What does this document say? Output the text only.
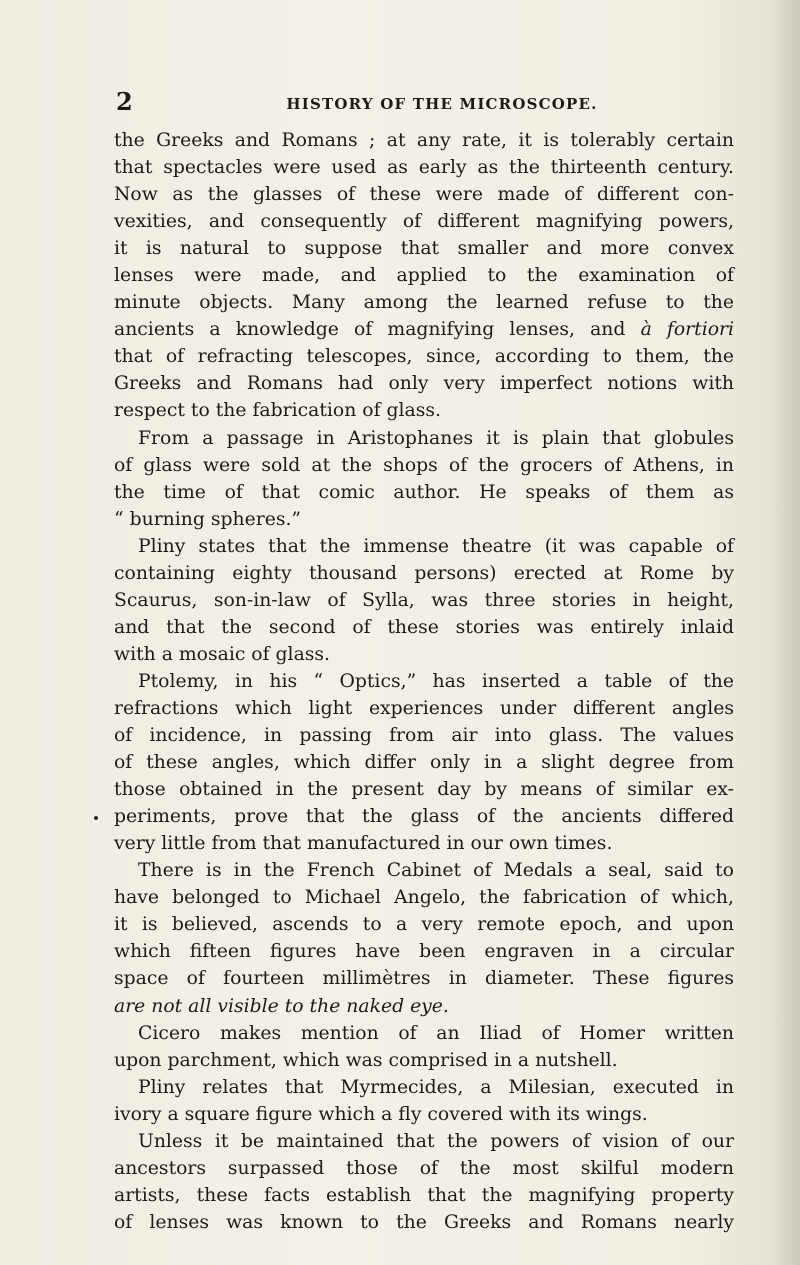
2	HISTORY OF THE MICROSCOPE.
the Greeks and Romans ; at any rate, it is tolerably certain
that spectacles were used as early as the thirteenth century.
Now as the glasses of these were made of different con-
vexities, and consequently of different magnifying powers,
it is natural to suppose that smaller and more convex
lenses were made, and applied to the examination of
minute objects. Many among the learned refuse to the
ancients a knowledge of magnifying lenses, and à fortiori
that of refracting telescopes, since, according to them, the
Greeks and Romans had only very imperfect notions with
respect to the fabrication of glass.
From a passage in Aristophanes it is plain that globules
of glass were sold at the shops of the grocers of Athens, in
the time of that comic author. He speaks of them as
“ burning spheres.”
Pliny states that the immense theatre (it was capable of
containing eighty thousand persons) erected at Rome by
Scaurus, son-in-law of Sylla, was three stories in height,
and that the second of these stories was entirely inlaid
with a mosaic of glass.
Ptolemy, in his “ Optics,” has inserted a table of the
refractions which light experiences under different angles
of incidence, in passing from air into glass. The values
of these angles, which differ only in a slight degree from
those obtained in the present day by means of similar ex-
periments, prove that the glass of the ancients differed
very little from that manufactured in our own times.
There is in the French Cabinet of Medals a seal, said to
have belonged to Michael Angelo, the fabrication of which,
it is believed, ascends to a very remote epoch, and upon
which fifteen figures have been engraven in a circular
space of fourteen millimètres in diameter. These figures
are not all visible to the naked eye.
Cicero makes mention of an Iliad of Homer written
upon parchment, which was comprised in a nutshell.
Pliny relates that Myrmecides, a Milesian, executed in
ivory a square figure which a fly covered with its wings.
Unless it be maintained that the powers of vision of our
ancestors surpassed those of the most skilful modern
artists, these facts establish that the magnifying property
of lenses was known to the Greeks and Romans nearly
